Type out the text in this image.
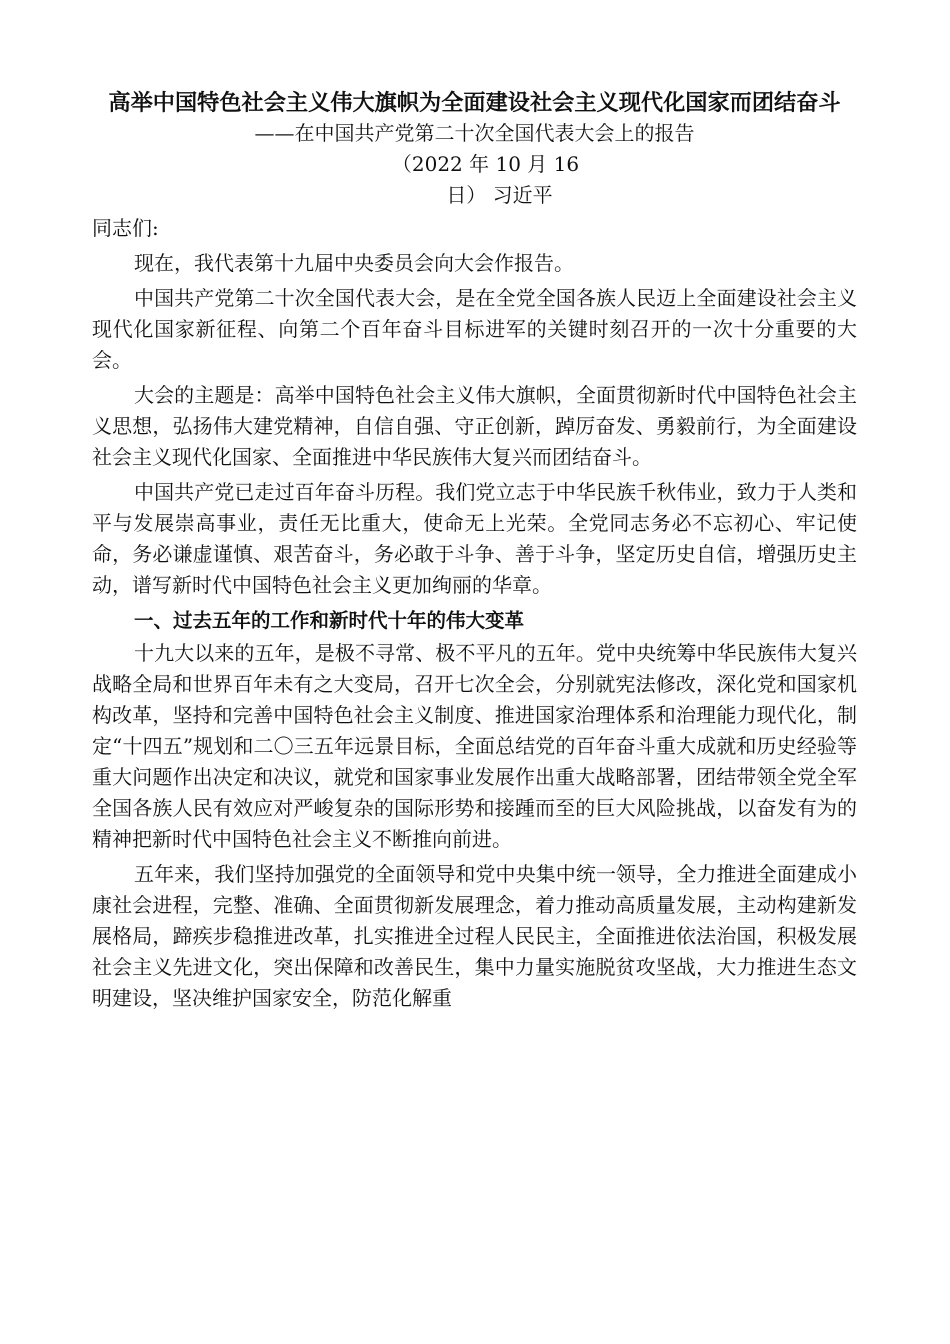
高举中国特色社会主义伟大旗帜为全面建设社会主义现代化国家而团结奋斗

——在中国共产党第二十次全国代表大会上的报告

（2022 年 10 月 16

日） 习近平

同志们:

现在，我代表第十九届中央委员会向大会作报告。

中国共产党第二十次全国代表大会，是在全党全国各族人民迈上全面建设社会主义现代化国家新征程、向第二个百年奋斗目标进军的关键时刻召开的一次十分重要的大会。

大会的主题是：高举中国特色社会主义伟大旗帜，全面贯彻新时代中国特色社会主义思想，弘扬伟大建党精神，自信自强、守正创新，踔厉奋发、勇毅前行，为全面建设社会主义现代化国家、全面推进中华民族伟大复兴而团结奋斗。

中国共产党已走过百年奋斗历程。我们党立志于中华民族千秋伟业，致力于人类和平与发展崇高事业，责任无比重大，使命无上光荣。全党同志务必不忘初心、牢记使命，务必谦虚谨慎、艰苦奋斗，务必敢于斗争、善于斗争，坚定历史自信，增强历史主动，谱写新时代中国特色社会主义更加绚丽的华章。

一、过去五年的工作和新时代十年的伟大变革

十九大以来的五年，是极不寻常、极不平凡的五年。党中央统筹中华民族伟大复兴战略全局和世界百年未有之大变局，召开七次全会，分别就宪法修改，深化党和国家机构改革，坚持和完善中国特色社会主义制度、推进国家治理体系和治理能力现代化，制定“十四五”规划和二〇三五年远景目标，全面总结党的百年奋斗重大成就和历史经验等重大问题作出决定和决议，就党和国家事业发展作出重大战略部署，团结带领全党全军全国各族人民有效应对严峻复杂的国际形势和接踵而至的巨大风险挑战，以奋发有为的精神把新时代中国特色社会主义不断推向前进。

五年来，我们坚持加强党的全面领导和党中央集中统一领导，全力推进全面建成小康社会进程，完整、准确、全面贯彻新发展理念，着力推动高质量发展，主动构建新发展格局，蹄疾步稳推进改革，扎实推进全过程人民民主，全面推进依法治国，积极发展社会主义先进文化，突出保障和改善民生，集中力量实施脱贫攻坚战，大力推进生态文明建设，坚决维护国家安全，防范化解重
